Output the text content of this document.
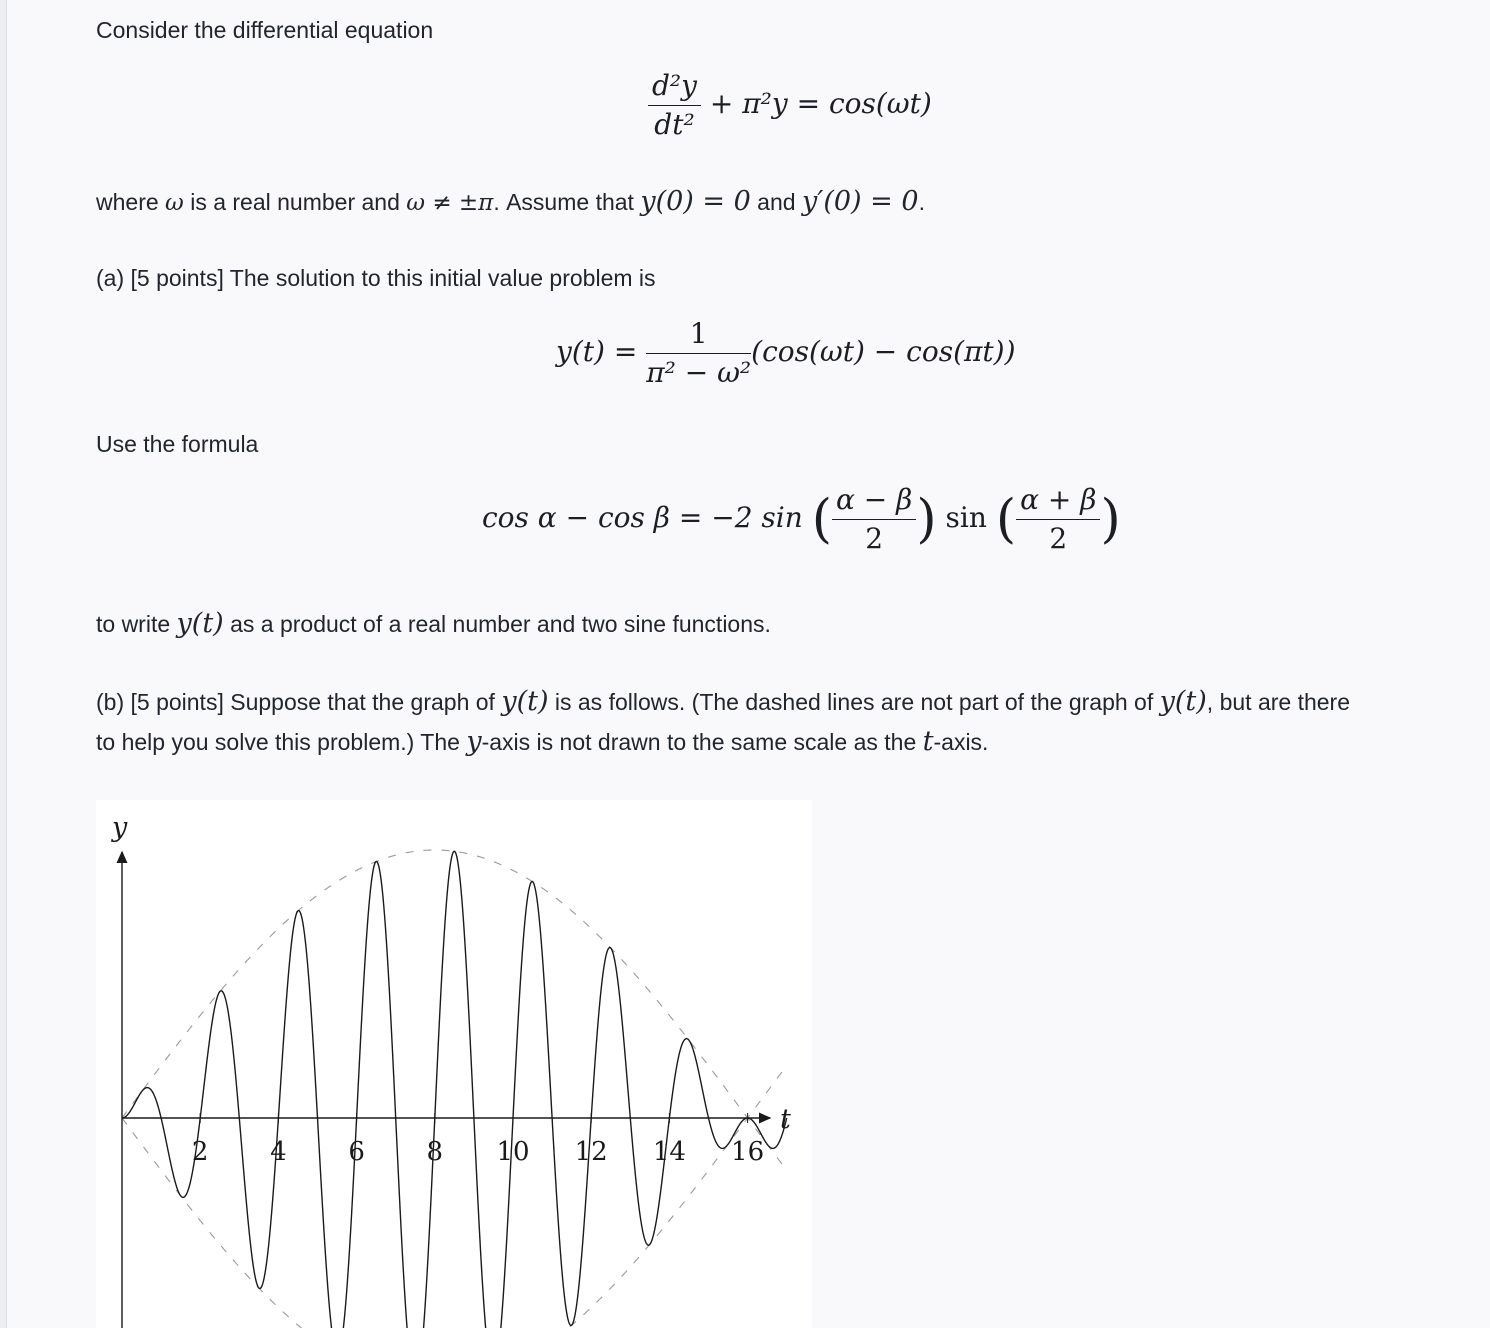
Consider the differential equation
$\frac{\text{d²y}}{\text{dt²}} + \pi^2y = \cos(\omega t)$
where ω is a real number and ω ≠ ±π. Assume that y(0) = 0 and y′(0) = 0.
(a) [5 points] The solution to this initial value problem is
$y(t) = \frac{1}{\text{π² − ω²}} (\cos(\omega t) - \cos(\pi t))$
Use the formula
cos α − cos β = −2 sin ( $\frac{\alpha - \beta}{2}$ ) sin ( $\frac{\alpha + \beta}{2}$ )
to write y(t) as a product of a real number and two sine functions.
(b) [5 points] Suppose that the graph of y(t) is as follows. (The dashed lines are not part of the graph of y(t), but are there
to help you solve this problem.) The y-axis is not drawn to the same scale as the t-axis.
2 4 6 8 10 12 14 16
y
t
